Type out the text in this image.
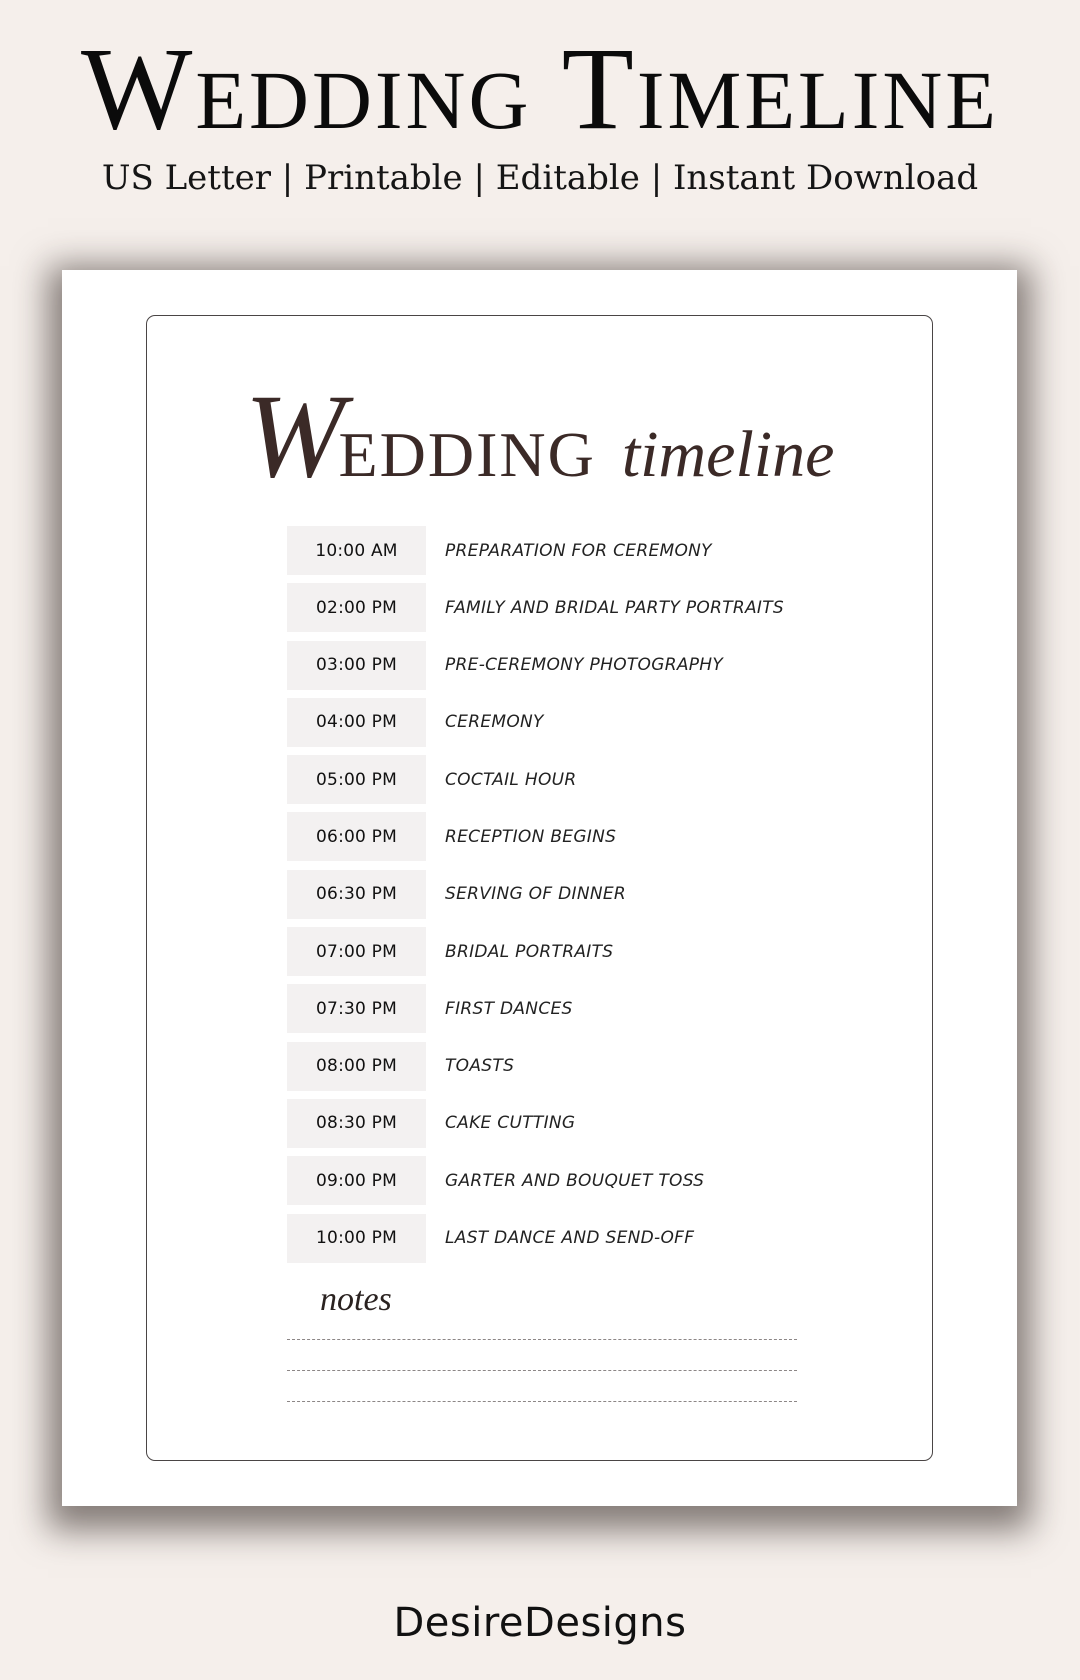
Wedding Timeline
US Letter | Printable | Editable | Instant Download
WEDDING timeline
10:00 AM	PREPARATION FOR CEREMONY
02:00 PM	FAMILY AND BRIDAL PARTY PORTRAITS
03:00 PM	PRE-CEREMONY PHOTOGRAPHY
04:00 PM	CEREMONY
05:00 PM	COCTAIL HOUR
06:00 PM	RECEPTION BEGINS
06:30 PM	SERVING OF DINNER
07:00 PM	BRIDAL PORTRAITS
07:30 PM	FIRST DANCES
08:00 PM	TOASTS
08:30 PM	CAKE CUTTING
09:00 PM	GARTER AND BOUQUET TOSS
10:00 PM	LAST DANCE AND SEND-OFF
notes
DesireDesigns
